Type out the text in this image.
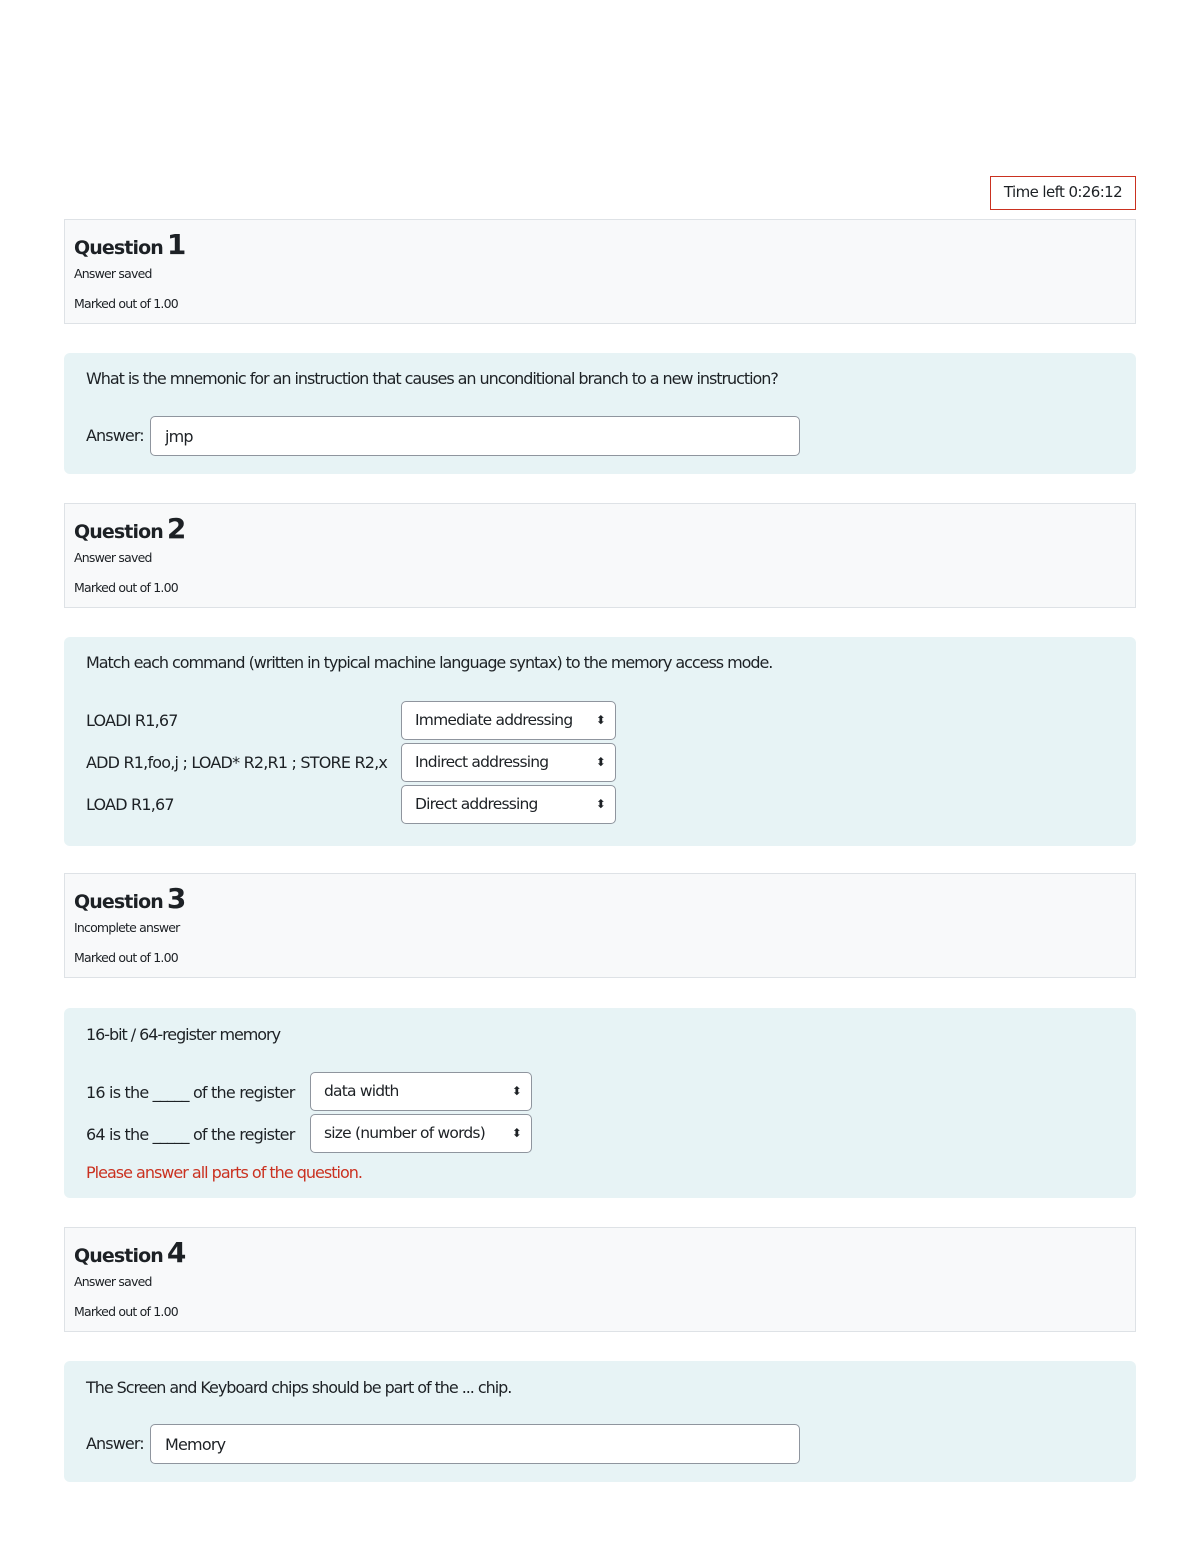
Time left 0:26:12
Question 1
Answer saved
Marked out of 1.00
What is the mnemonic for an instruction that causes an unconditional branch to a new instruction?
Answer:
jmp
Question 2
Answer saved
Marked out of 1.00
Match each command (written in typical machine language syntax) to the memory access mode.
LOADI R1,67	Immediate addressing ⬍
ADD R1,foo,j ; LOAD* R2,R1 ; STORE R2,x	Indirect addressing	⬍
LOAD R1,67	Direct addressing	⬍
Question 3
Incomplete answer
Marked out of 1.00
16-bit / 64-register memory
16 is the _____ of the register	data width	⬍
64 is the _____ of the register	size (number of words) ⬍
Please answer all parts of the question.
Question 4
Answer saved
Marked out of 1.00
The Screen and Keyboard chips should be part of the ... chip.
Answer:
Memory
